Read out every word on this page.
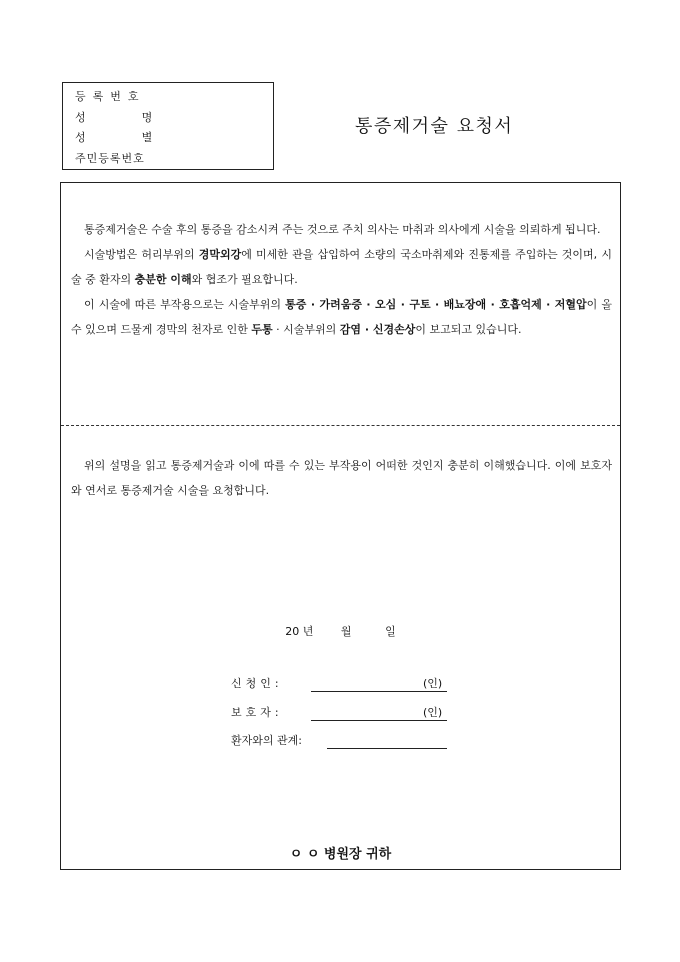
등록번호
성명
성별
주민등록번호
통증제거술 요청서
통증제거술은 수술 후의 통증을 감소시켜 주는 것으로 주치 의사는 마취과 의사에게 시술을 의뢰하게 됩니다.
시술방법은 허리부위의 경막외강에 미세한 관을 삽입하여 소량의 국소마취제와 진통제를 주입하는 것이며, 시술 중 환자의 충분한 이해와 협조가 필요합니다.
이 시술에 따른 부작용으로는 시술부위의 통증 · 가려움증 · 오심 · 구토 · 배뇨장애 · 호흡억제 · 저혈압이 올 수 있으며 드물게 경막의 천자로 인한 두통 · 시술부위의 감염 · 신경손상이 보고되고 있습니다.
위의 설명을 읽고 통증제거술과 이에 따를 수 있는 부작용이 어떠한 것인지 충분히 이해했습니다. 이에 보호자와 연서로 통증제거술 시술을 요청합니다.
20 년	월	일
신청인:	(인)
보호자:	(인)
환자와의 관계:
ㅇ ㅇ 병원장 귀하
